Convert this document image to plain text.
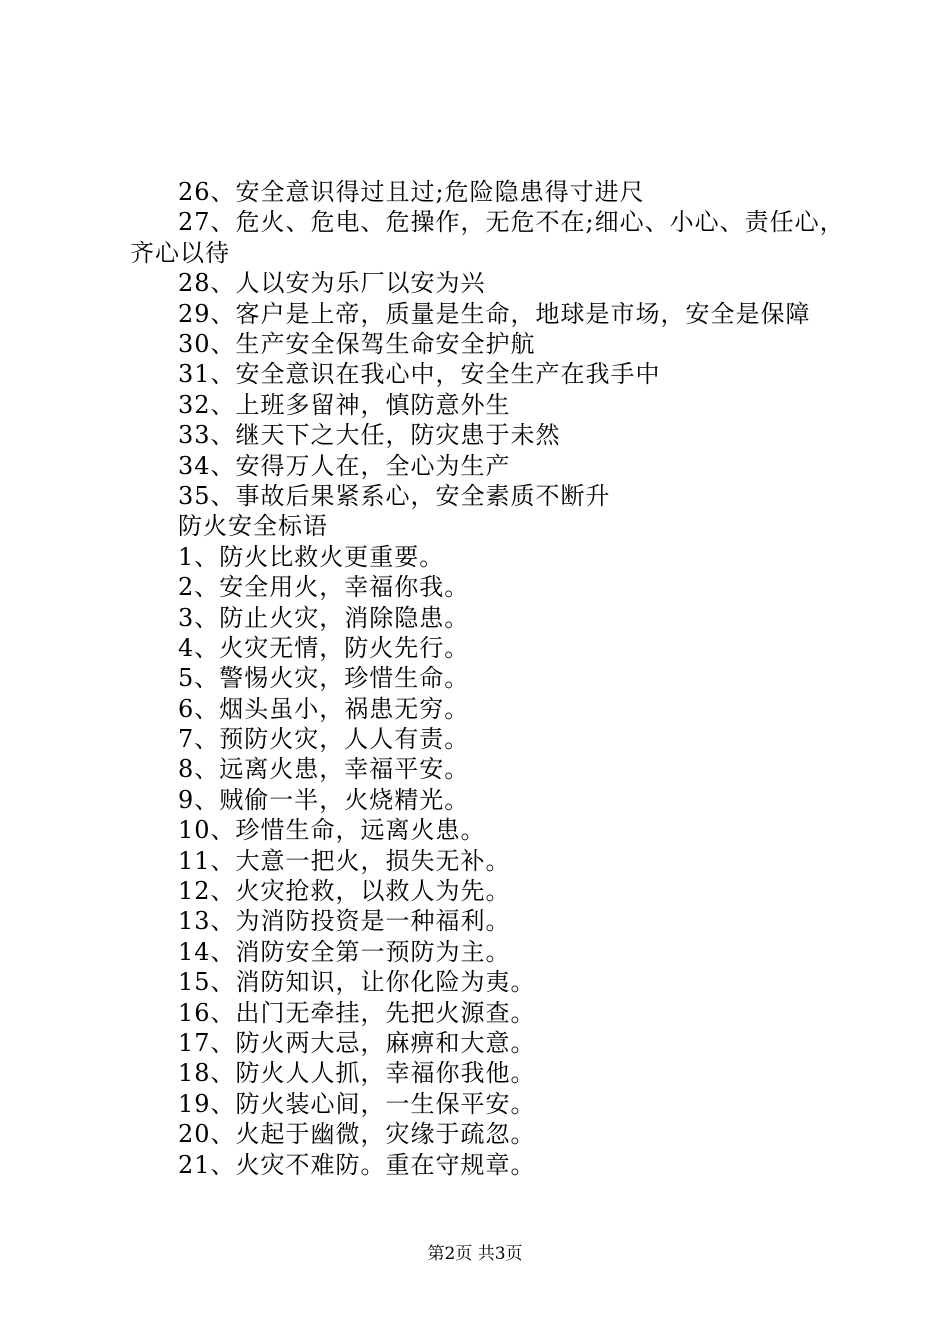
26、安全意识得过且过;危险隐患得寸进尺
27、危火、危电、危操作，无危不在;细心、小心、责任心，齐心以待
28、人以安为乐厂以安为兴
29、客户是上帝，质量是生命，地球是市场，安全是保障
30、生产安全保驾生命安全护航
31、安全意识在我心中，安全生产在我手中
32、上班多留神，慎防意外生
33、继天下之大任，防灾患于未然
34、安得万人在，全心为生产
35、事故后果紧系心，安全素质不断升
防火安全标语
1、防火比救火更重要。
2、安全用火，幸福你我。
3、防止火灾，消除隐患。
4、火灾无情，防火先行。
5、警惕火灾，珍惜生命。
6、烟头虽小，祸患无穷。
7、预防火灾，人人有责。
8、远离火患，幸福平安。
9、贼偷一半，火烧精光。
10、珍惜生命，远离火患。
11、大意一把火，损失无补。
12、火灾抢救，以救人为先。
13、为消防投资是一种福利。
14、消防安全第一预防为主。
15、消防知识，让你化险为夷。
16、出门无牵挂，先把火源查。
17、防火两大忌，麻痹和大意。
18、防火人人抓，幸福你我他。
19、防火装心间，一生保平安。
20、火起于幽微，灾缘于疏忽。
21、火灾不难防。重在守规章。
第2页 共3页
